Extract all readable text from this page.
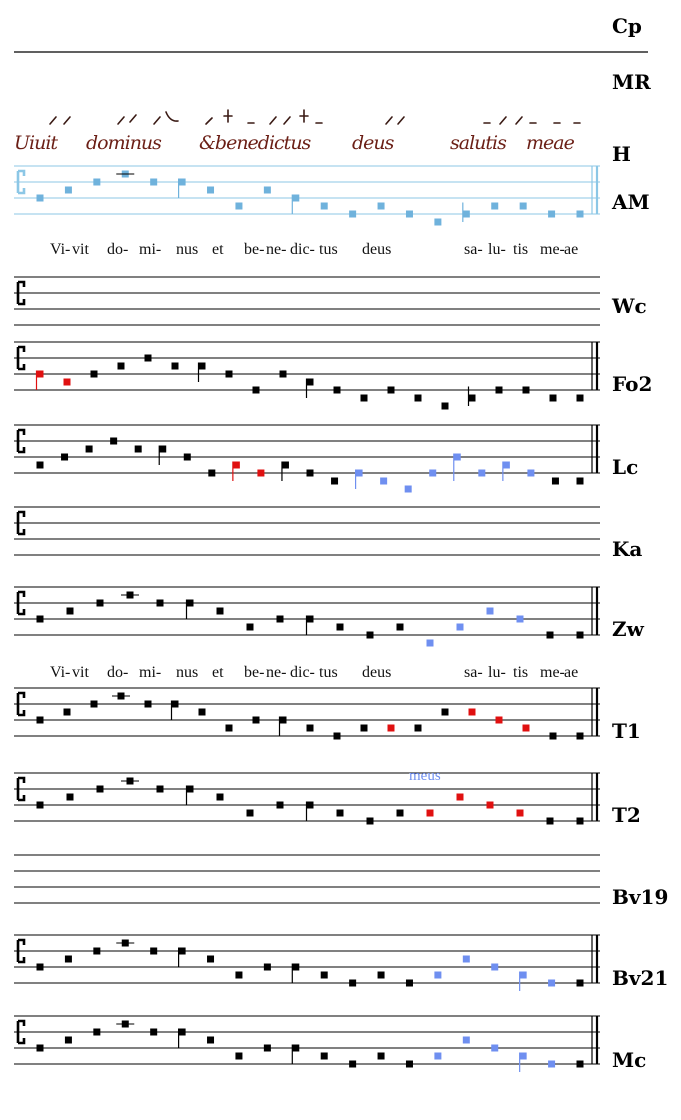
Cp
MR
H
AM
Wc
Fo2
Lc
Ka
Zw
T1
T2
Bv19
Bv21
Mc
Uiuit dominus &benedictus deus	salutis meae
Vi- vit do- mi- nus et be- ne- dic- tus deus	sa- lu- tis me- ae
Vi- vit do- mi- nus et be- ne- dic- tus deus	sa- lu- tis me- ae
meus
